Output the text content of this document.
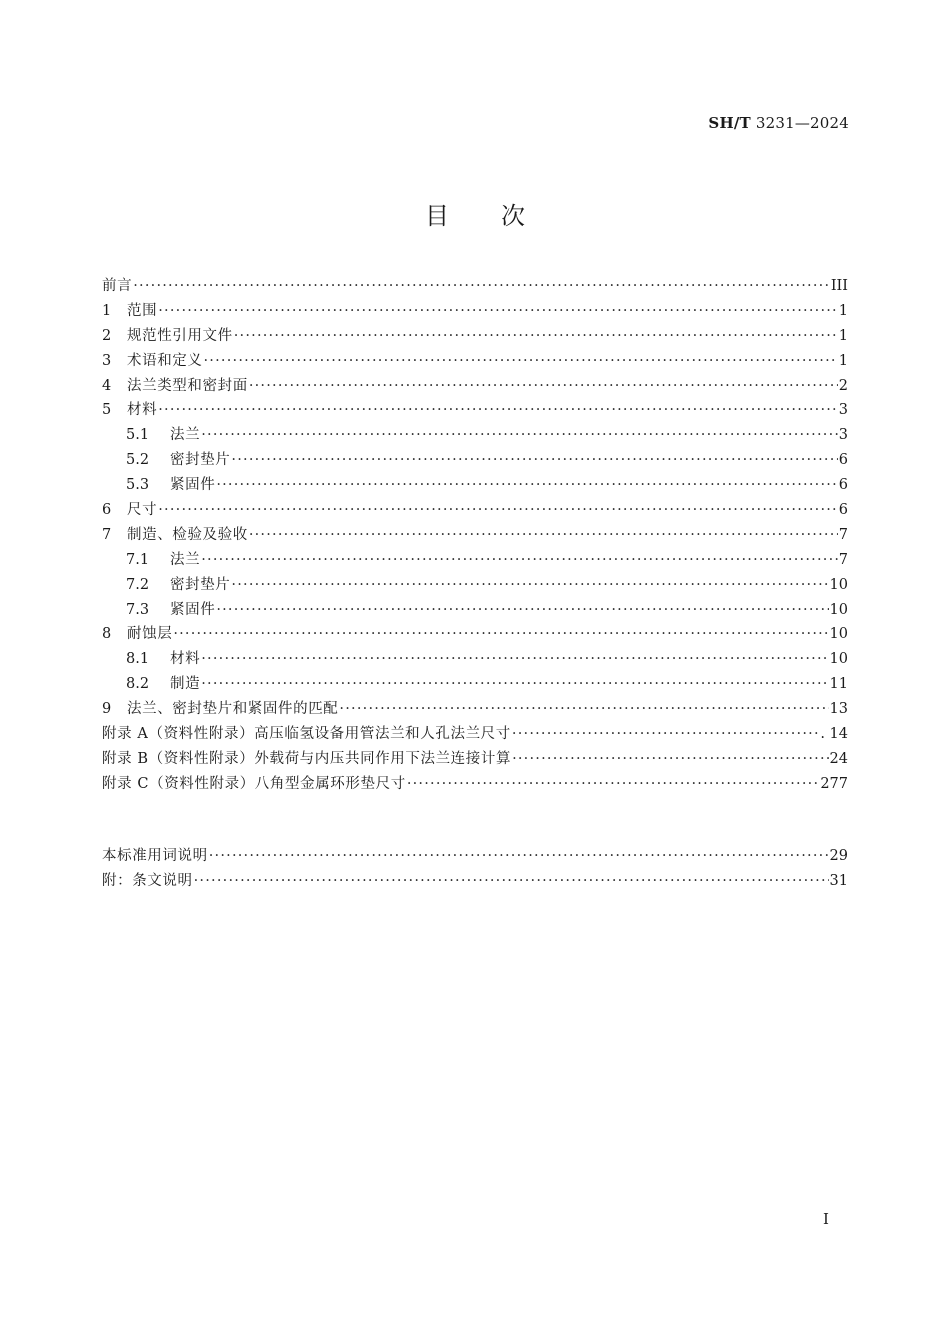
SH/T 3231—2024
目 次
前言 ·····	III
1	范围 ·····	1
2	规范性引用文件 ·····	1
3	术语和定义 ·····	1
4	法兰类型和密封面 ·····	2
5	材料 ·····	3
5.1	法兰 ·····	3
5.2	密封垫片 ·····	6
5.3	紧固件 ·····	6
6	尺寸 ·····	6
7	制造、检验及验收 ·····	7
7.1	法兰 ·····	7
7.2	密封垫片 ·····	10
7.3	紧固件 ·····	10
8	耐蚀层 ·····	10
8.1	材料 ·····	10
8.2	制造 ·····	11
9	法兰、密封垫片和紧固件的匹配 ·····	13
附录 A（资料性附录）高压临氢设备用管法兰和人孔法兰尺寸 ·····	. 14
附录 B（资料性附录）外载荷与内压共同作用下法兰连接计算 ·····	24
附录 C（资料性附录）八角型金属环形垫尺寸 ·····	277
本标准用词说明 ·····	29
附：条文说明 ·····	31
I
